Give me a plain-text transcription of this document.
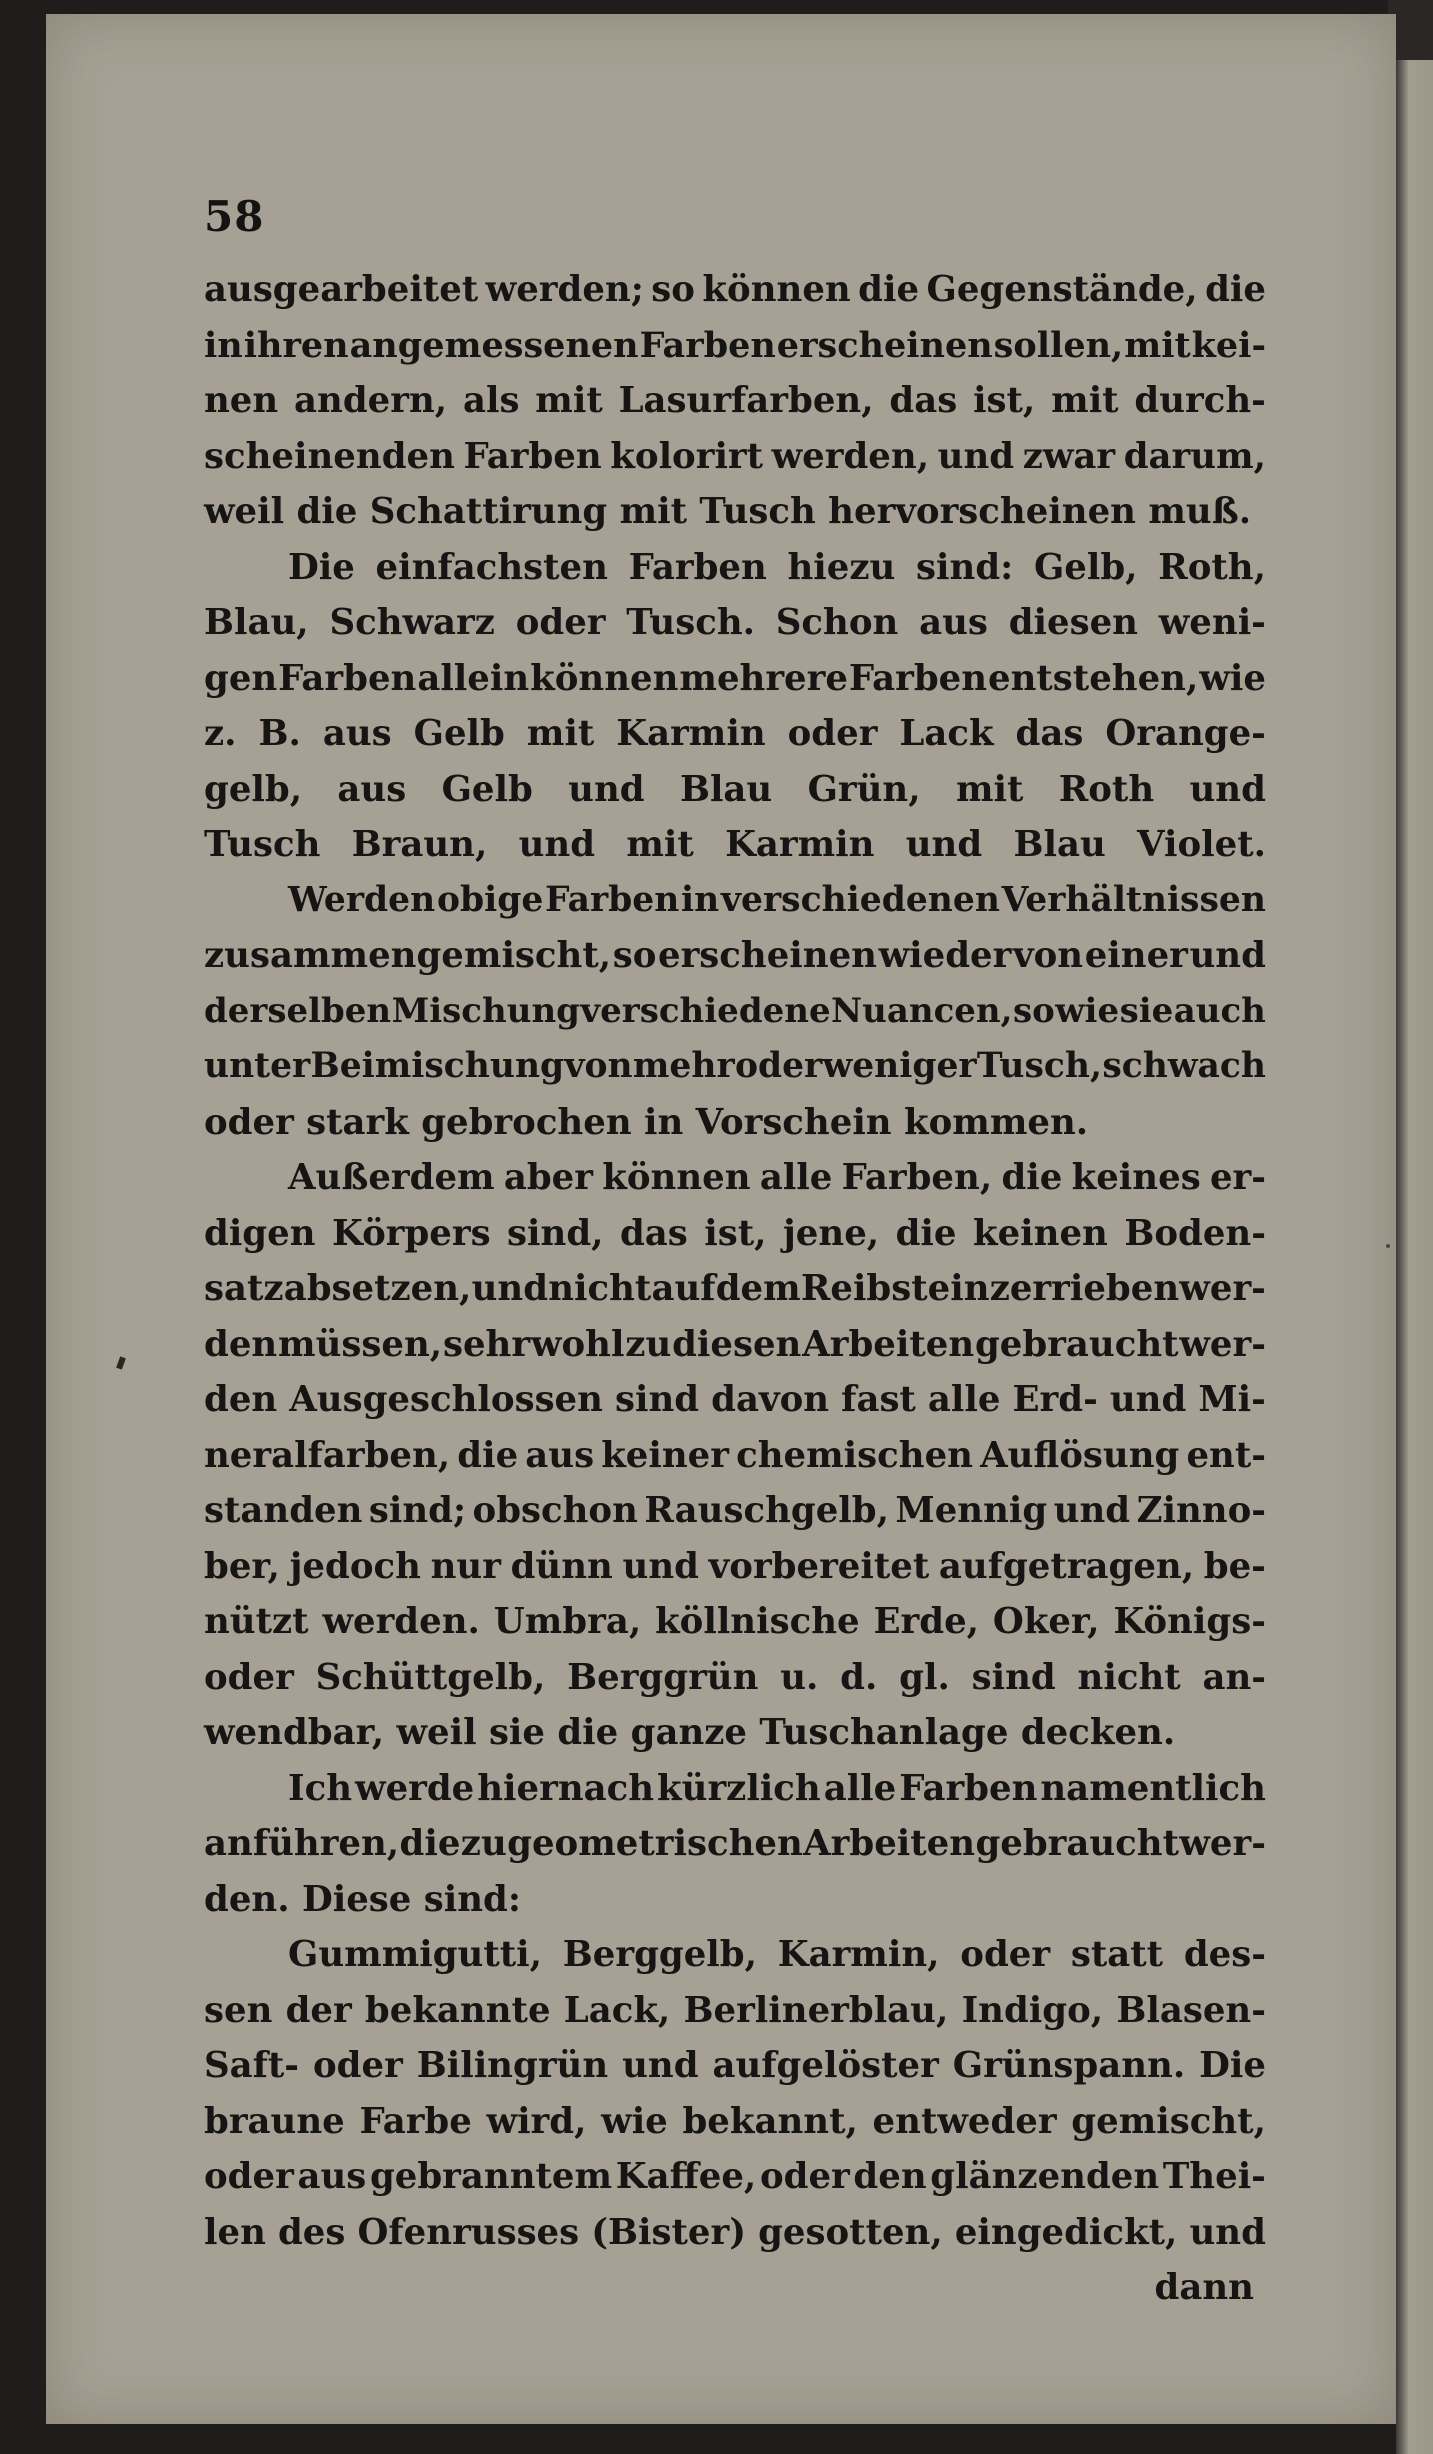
58
ausgearbeitet werden; so können die Gegenstände, die
in ihren angemessenen Farben erscheinen sollen, mit kei-
nen andern, als mit Lasurfarben, das ist, mit durch-
scheinenden Farben kolorirt werden, und zwar darum,
weil
die
Schattirung
mit
Tusch
hervorscheinen
muß.
Die einfachsten Farben hiezu sind: Gelb, Roth,
Blau, Schwarz oder Tusch. Schon aus diesen weni-
gen Farben allein können mehrere Farben entstehen, wie
z. B. aus Gelb mit Karmin oder Lack das Orange-
gelb, aus Gelb und Blau Grün, mit Roth und
Tusch Braun, und mit Karmin und Blau Violet.
Werden obige Farben in verschiedenen Verhältnissen
zusammengemischt, so erscheinen wieder von einer und
derselben Mischung verschiedene Nuancen, so wie sie auch
unter Beimischung von mehr oder weniger Tusch, schwach
oder
stark
gebrochen
in
Vorschein
kommen.
Außerdem aber können alle Farben, die keines er-
digen Körpers sind, das ist, jene, die keinen Boden-
satz absetzen, und nicht auf dem Reibstein zerrieben wer-
den müssen, sehr wohl zu diesen Arbeiten gebraucht wer-
den Ausgeschlossen sind davon fast alle Erd- und Mi-
neralfarben, die aus keiner chemischen Auflösung ent-
standen sind; obschon Rauschgelb, Mennig und Zinno-
ber, jedoch nur dünn und vorbereitet aufgetragen, be-
nützt werden. Umbra, köllnische Erde, Oker, Königs-
oder Schüttgelb, Berggrün u. d. gl. sind nicht an-
wendbar,
weil
sie
die
ganze
Tuschanlage
decken.
Ich werde hiernach kürzlich alle Farben namentlich
anführen, die zu geometrischen Arbeiten gebraucht wer-
den.
Diese
sind:
Gummigutti, Berggelb, Karmin, oder statt des-
sen der bekannte Lack, Berlinerblau, Indigo, Blasen-
Saft- oder Bilingrün und aufgelöster Grünspann. Die
braune Farbe wird, wie bekannt, entweder gemischt,
oder aus gebranntem Kaffee, oder den glänzenden Thei-
len des Ofenrusses (Bister) gesotten, eingedickt, und
dann
